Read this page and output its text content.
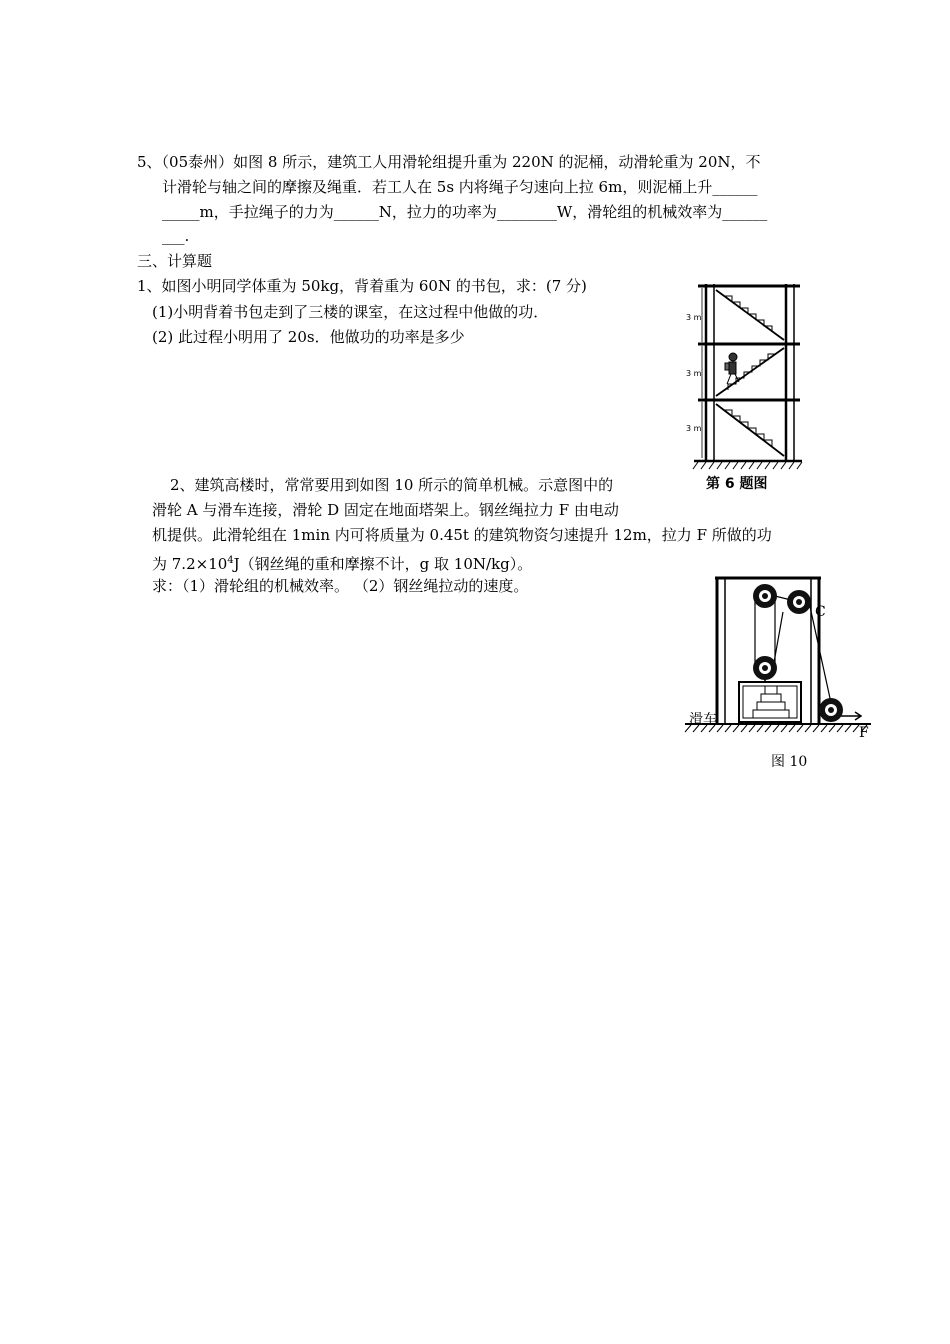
5、（05泰州）如图 8 所示，建筑工人用滑轮组提升重为 220N 的泥桶，动滑轮重为 20N，不
计滑轮与轴之间的摩擦及绳重．若工人在 5s 内将绳子匀速向上拉 6m，则泥桶上升______
_____m，手拉绳子的力为______N，拉力的功率为________W，滑轮组的机械效率为______
___.
三、计算题
1、如图小明同学体重为 50kg，背着重为 60N 的书包，求：(7 分)
(1)小明背着书包走到了三楼的课室，在这过程中他做的功．
(2) 此过程小明用了 20s．他做功的功率是多少
3 m
3 m
3 m
第 6 题图
2、建筑高楼时，常常要用到如图 10 所示的简单机械。示意图中的
滑轮 A 与滑车连接，滑轮 D 固定在地面塔架上。钢丝绳拉力 F 由电动
机提供。此滑轮组在 1min 内可将质量为 0.45t 的建筑物资匀速提升 12m，拉力 F 所做的功
为 $7.2\times 10^4J$（钢丝绳的重和摩擦不计，g 取 10N/kg）。
求：（1）滑轮组的机械效率。 （2）钢丝绳拉动的速度。
C
滑车
F
图 10
